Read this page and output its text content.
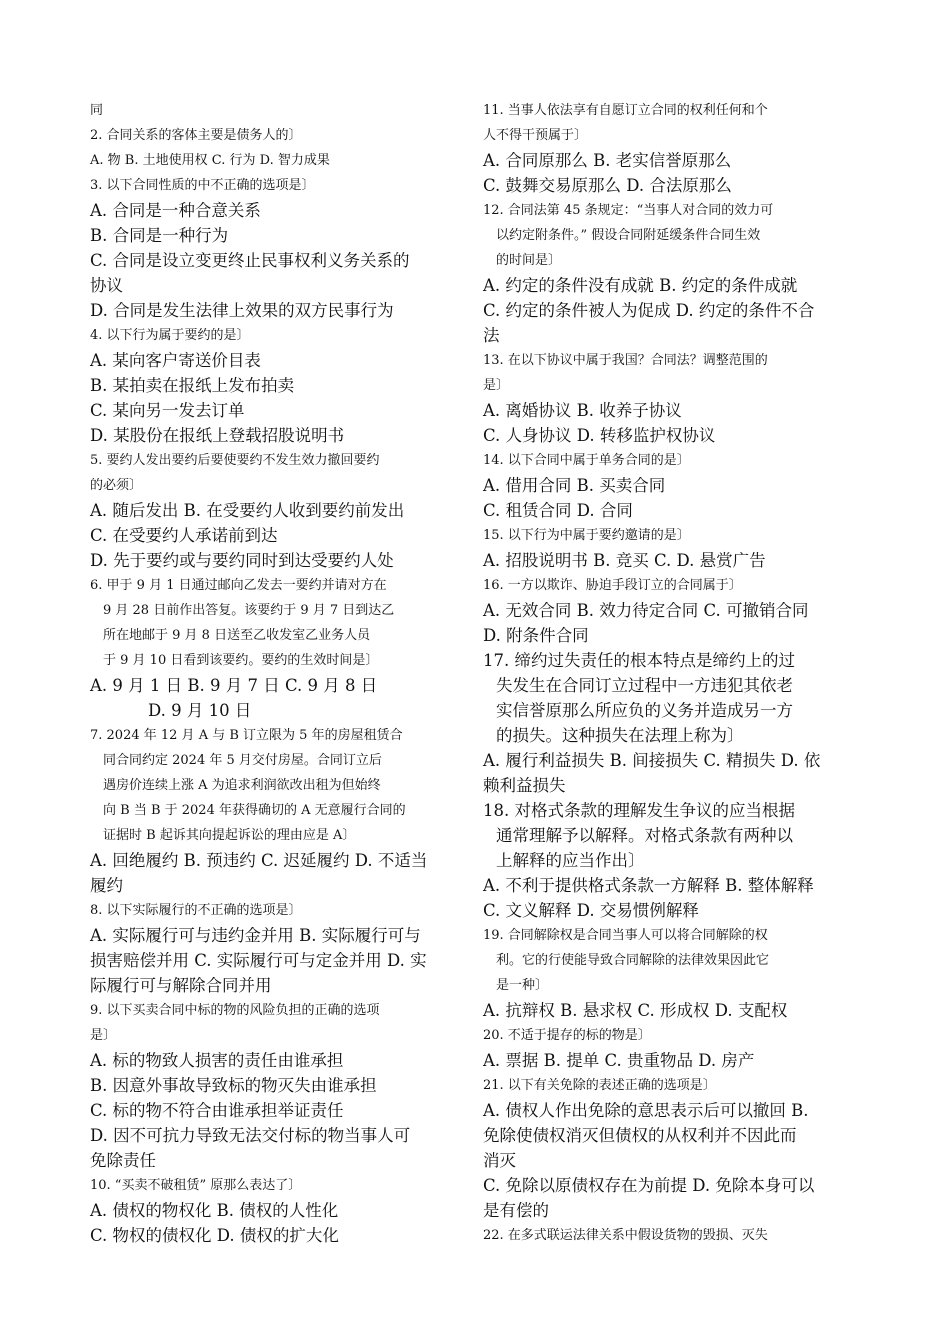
同
2. 合同关系的客体主要是债务人的〕
A. 物 B. 土地使用权 C. 行为 D. 智力成果
3. 以下合同性质的中不正确的选项是〕
A. 合同是一种合意关系
B. 合同是一种行为
C. 合同是设立变更终止民事权利义务关系的
协议
D. 合同是发生法律上效果的双方民事行为
4. 以下行为属于要约的是〕
A. 某向客户寄送价目表
B. 某拍卖在报纸上发布拍卖
C. 某向另一发去订单
D. 某股份在报纸上登载招股说明书
5. 要约人发出要约后要使要约不发生效力撤回要约
的必须〕
A. 随后发出 B. 在受要约人收到要约前发出
C. 在受要约人承诺前到达
D. 先于要约或与要约同时到达受要约人处
6. 甲于 9 月 1 日通过邮向乙发去一要约并请对方在
9 月 28 日前作出答复。该要约于 9 月 7 日到达乙
所在地邮于 9 月 8 日送至乙收发室乙业务人员
于 9 月 10 日看到该要约。要约的生效时间是〕
A. 9 月 1 日 B. 9 月 7 日 C. 9 月 8 日
D. 9 月 10 日
7. 2024 年 12 月 A 与 B 订立限为 5 年的房屋租赁合
同合同约定 2024 年 5 月交付房屋。合同订立后
遇房价连续上涨 A 为追求利润欲改出租为但始终
向 B 当 B 于 2024 年获得确切的 A 无意履行合同的
证据时 B 起诉其向提起诉讼的理由应是 A〕
A. 回绝履约 B. 预违约 C. 迟延履约 D. 不适当
履约
8. 以下实际履行的不正确的选项是〕
A. 实际履行可与违约金并用 B. 实际履行可与
损害赔偿并用 C. 实际履行可与定金并用 D. 实
际履行可与解除合同并用
9. 以下买卖合同中标的物的风险负担的正确的选项
是〕
A. 标的物致人损害的责任由谁承担
B. 因意外事故导致标的物灭失由谁承担
C. 标的物不符合由谁承担举证责任
D. 因不可抗力导致无法交付标的物当事人可
免除责任
10. “买卖不破租赁” 原那么表达了〕
A. 债权的物权化 B. 债权的人性化
C. 物权的债权化 D. 债权的扩大化
11. 当事人依法享有自愿订立合同的权利任何和个
人不得干预属于〕
A. 合同原那么 B. 老实信誉原那么
C. 鼓舞交易原那么 D. 合法原那么
12. 合同法第 45 条规定：“当事人对合同的效力可
以约定附条件。” 假设合同附延缓条件合同生效
的时间是〕
A. 约定的条件没有成就 B. 约定的条件成就
C. 约定的条件被人为促成 D. 约定的条件不合
法
13. 在以下协议中属于我国？合同法？调整范围的
是〕
A. 离婚协议 B. 收养子协议
C. 人身协议 D. 转移监护权协议
14. 以下合同中属于单务合同的是〕
A. 借用合同 B. 买卖合同
C. 租赁合同 D. 合同
15. 以下行为中属于要约邀请的是〕
A. 招股说明书 B. 竞买 C. D. 悬赏广告
16. 一方以欺诈、胁迫手段订立的合同属于〕
A. 无效合同 B. 效力待定合同 C. 可撤销合同
D. 附条件合同
17. 缔约过失责任的根本特点是缔约上的过
失发生在合同订立过程中一方违犯其依老
实信誉原那么所应负的义务并造成另一方
的损失。这种损失在法理上称为〕
A. 履行利益损失 B. 间接损失 C. 精损失 D. 依
赖利益损失
18. 对格式条款的理解发生争议的应当根据
通常理解予以解释。对格式条款有两种以
上解释的应当作出〕
A. 不利于提供格式条款一方解释 B. 整体解释
C. 文义解释 D. 交易惯例解释
19. 合同解除权是合同当事人可以将合同解除的权
利。它的行使能导致合同解除的法律效果因此它
是一种〕
A. 抗辩权 B. 悬求权 C. 形成权 D. 支配权
20. 不适于提存的标的物是〕
A. 票据 B. 提单 C. 贵重物品 D. 房产
21. 以下有关免除的表述正确的选项是〕
A. 债权人作出免除的意思表示后可以撤回 B.
免除使债权消灭但债权的从权利并不因此而
消灭
C. 免除以原债权存在为前提 D. 免除本身可以
是有偿的
22. 在多式联运法律关系中假设货物的毁损、灭失
